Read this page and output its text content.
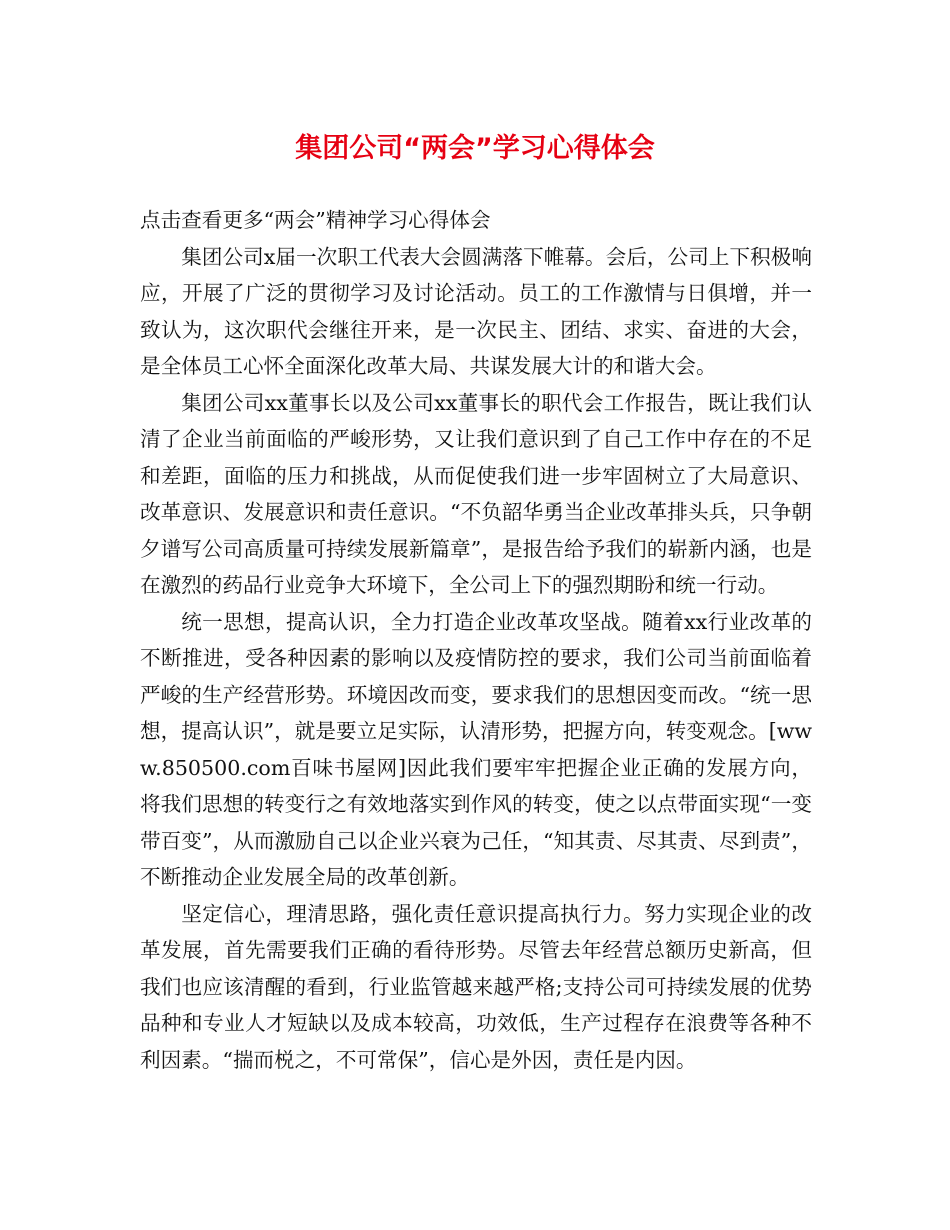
集团公司“两会”学习心得体会

点击查看更多“两会”精神学习心得体会

集团公司x届一次职工代表大会圆满落下帷幕。会后，公司上下积极响应，开展了广泛的贯彻学习及讨论活动。员工的工作激情与日俱增，并一致认为，这次职代会继往开来，是一次民主、团结、求实、奋进的大会，是全体员工心怀全面深化改革大局、共谋发展大计的和谐大会。

集团公司xx董事长以及公司xx董事长的职代会工作报告，既让我们认清了企业当前面临的严峻形势，又让我们意识到了自己工作中存在的不足和差距，面临的压力和挑战，从而促使我们进一步牢固树立了大局意识、改革意识、发展意识和责任意识。“不负韶华勇当企业改革排头兵，只争朝夕谱写公司高质量可持续发展新篇章”，是报告给予我们的崭新内涵，也是在激烈的药品行业竞争大环境下，全公司上下的强烈期盼和统一行动。

统一思想，提高认识，全力打造企业改革攻坚战。随着xx行业改革的不断推进，受各种因素的影响以及疫情防控的要求，我们公司当前面临着严峻的生产经营形势。环境因改而变，要求我们的思想因变而改。“统一思想，提高认识”，就是要立足实际，认清形势，把握方向，转变观念。[www.850500.com百味书屋网]因此我们要牢牢把握企业正确的发展方向，将我们思想的转变行之有效地落实到作风的转变，使之以点带面实现“一变带百变”，从而激励自己以企业兴衰为己任，“知其责、尽其责、尽到责”，不断推动企业发展全局的改革创新。

坚定信心，理清思路，强化责任意识提高执行力。努力实现企业的改革发展，首先需要我们正确的看待形势。尽管去年经营总额历史新高，但我们也应该清醒的看到，行业监管越来越严格;支持公司可持续发展的优势品种和专业人才短缺以及成本较高，功效低，生产过程存在浪费等各种不利因素。“揣而棁之，不可常保”，信心是外因，责任是内因。
